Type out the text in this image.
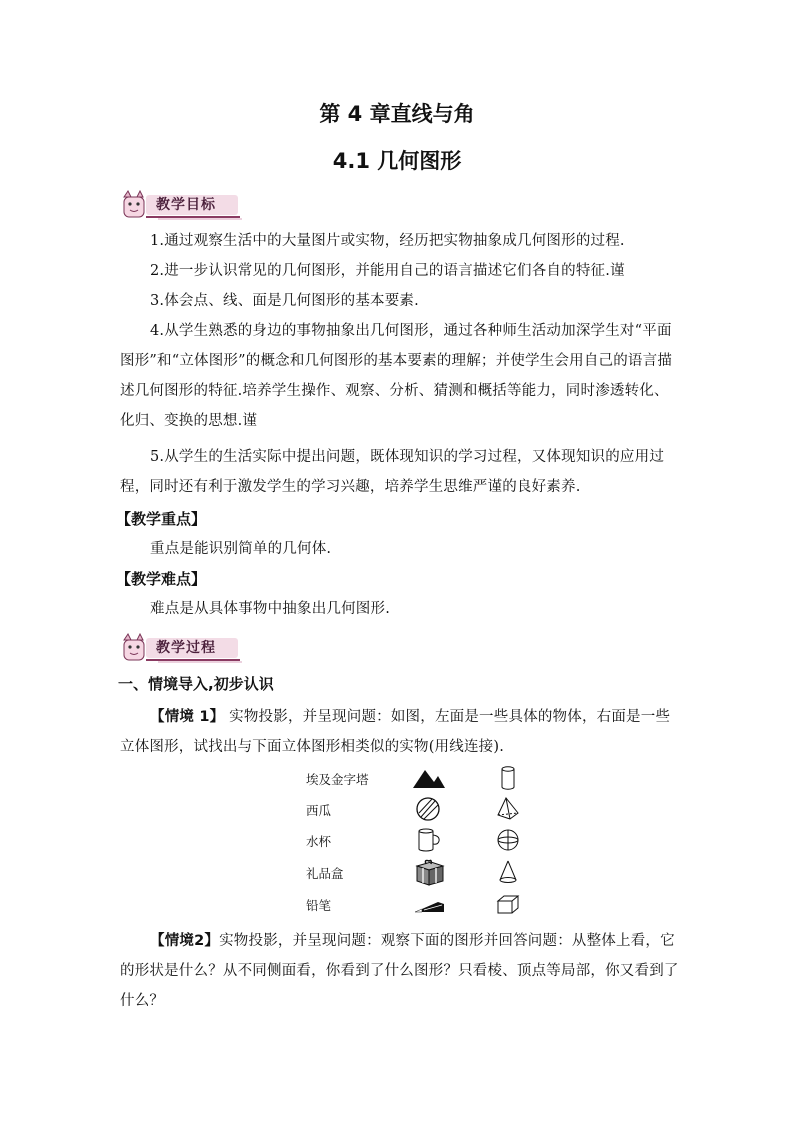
第 4 章直线与角
4.1 几何图形
教学目标
1.通过观察生活中的大量图片或实物，经历把实物抽象成几何图形的过程.
2.进一步认识常见的几何图形，并能用自己的语言描述它们各自的特征.谨
3.体会点、线、面是几何图形的基本要素.
4.从学生熟悉的身边的事物抽象出几何图形，通过各种师生活动加深学生对“平面图形”和“立体图形”的概念和几何图形的基本要素的理解；并使学生会用自己的语言描述几何图形的特征.培养学生操作、观察、分析、猜测和概括等能力，同时渗透转化、化归、变换的思想.谨
5.从学生的生活实际中提出问题，既体现知识的学习过程，又体现知识的应用过程，同时还有利于激发学生的学习兴趣，培养学生思维严谨的良好素养.
【教学重点】
重点是能识别简单的几何体.
【教学难点】
难点是从具体事物中抽象出几何图形.
教学过程
一、情境导入,初步认识
【情境 1】 实物投影，并呈现问题：如图，左面是一些具体的物体，右面是一些立体图形，试找出与下面立体图形相类似的实物(用线连接).
埃及金字塔
西瓜
水杯
礼品盒
铅笔
【情境2】实物投影，并呈现问题：观察下面的图形并回答问题：从整体上看，它的形状是什么？从不同侧面看，你看到了什么图形？只看棱、顶点等局部，你又看到了什么？
